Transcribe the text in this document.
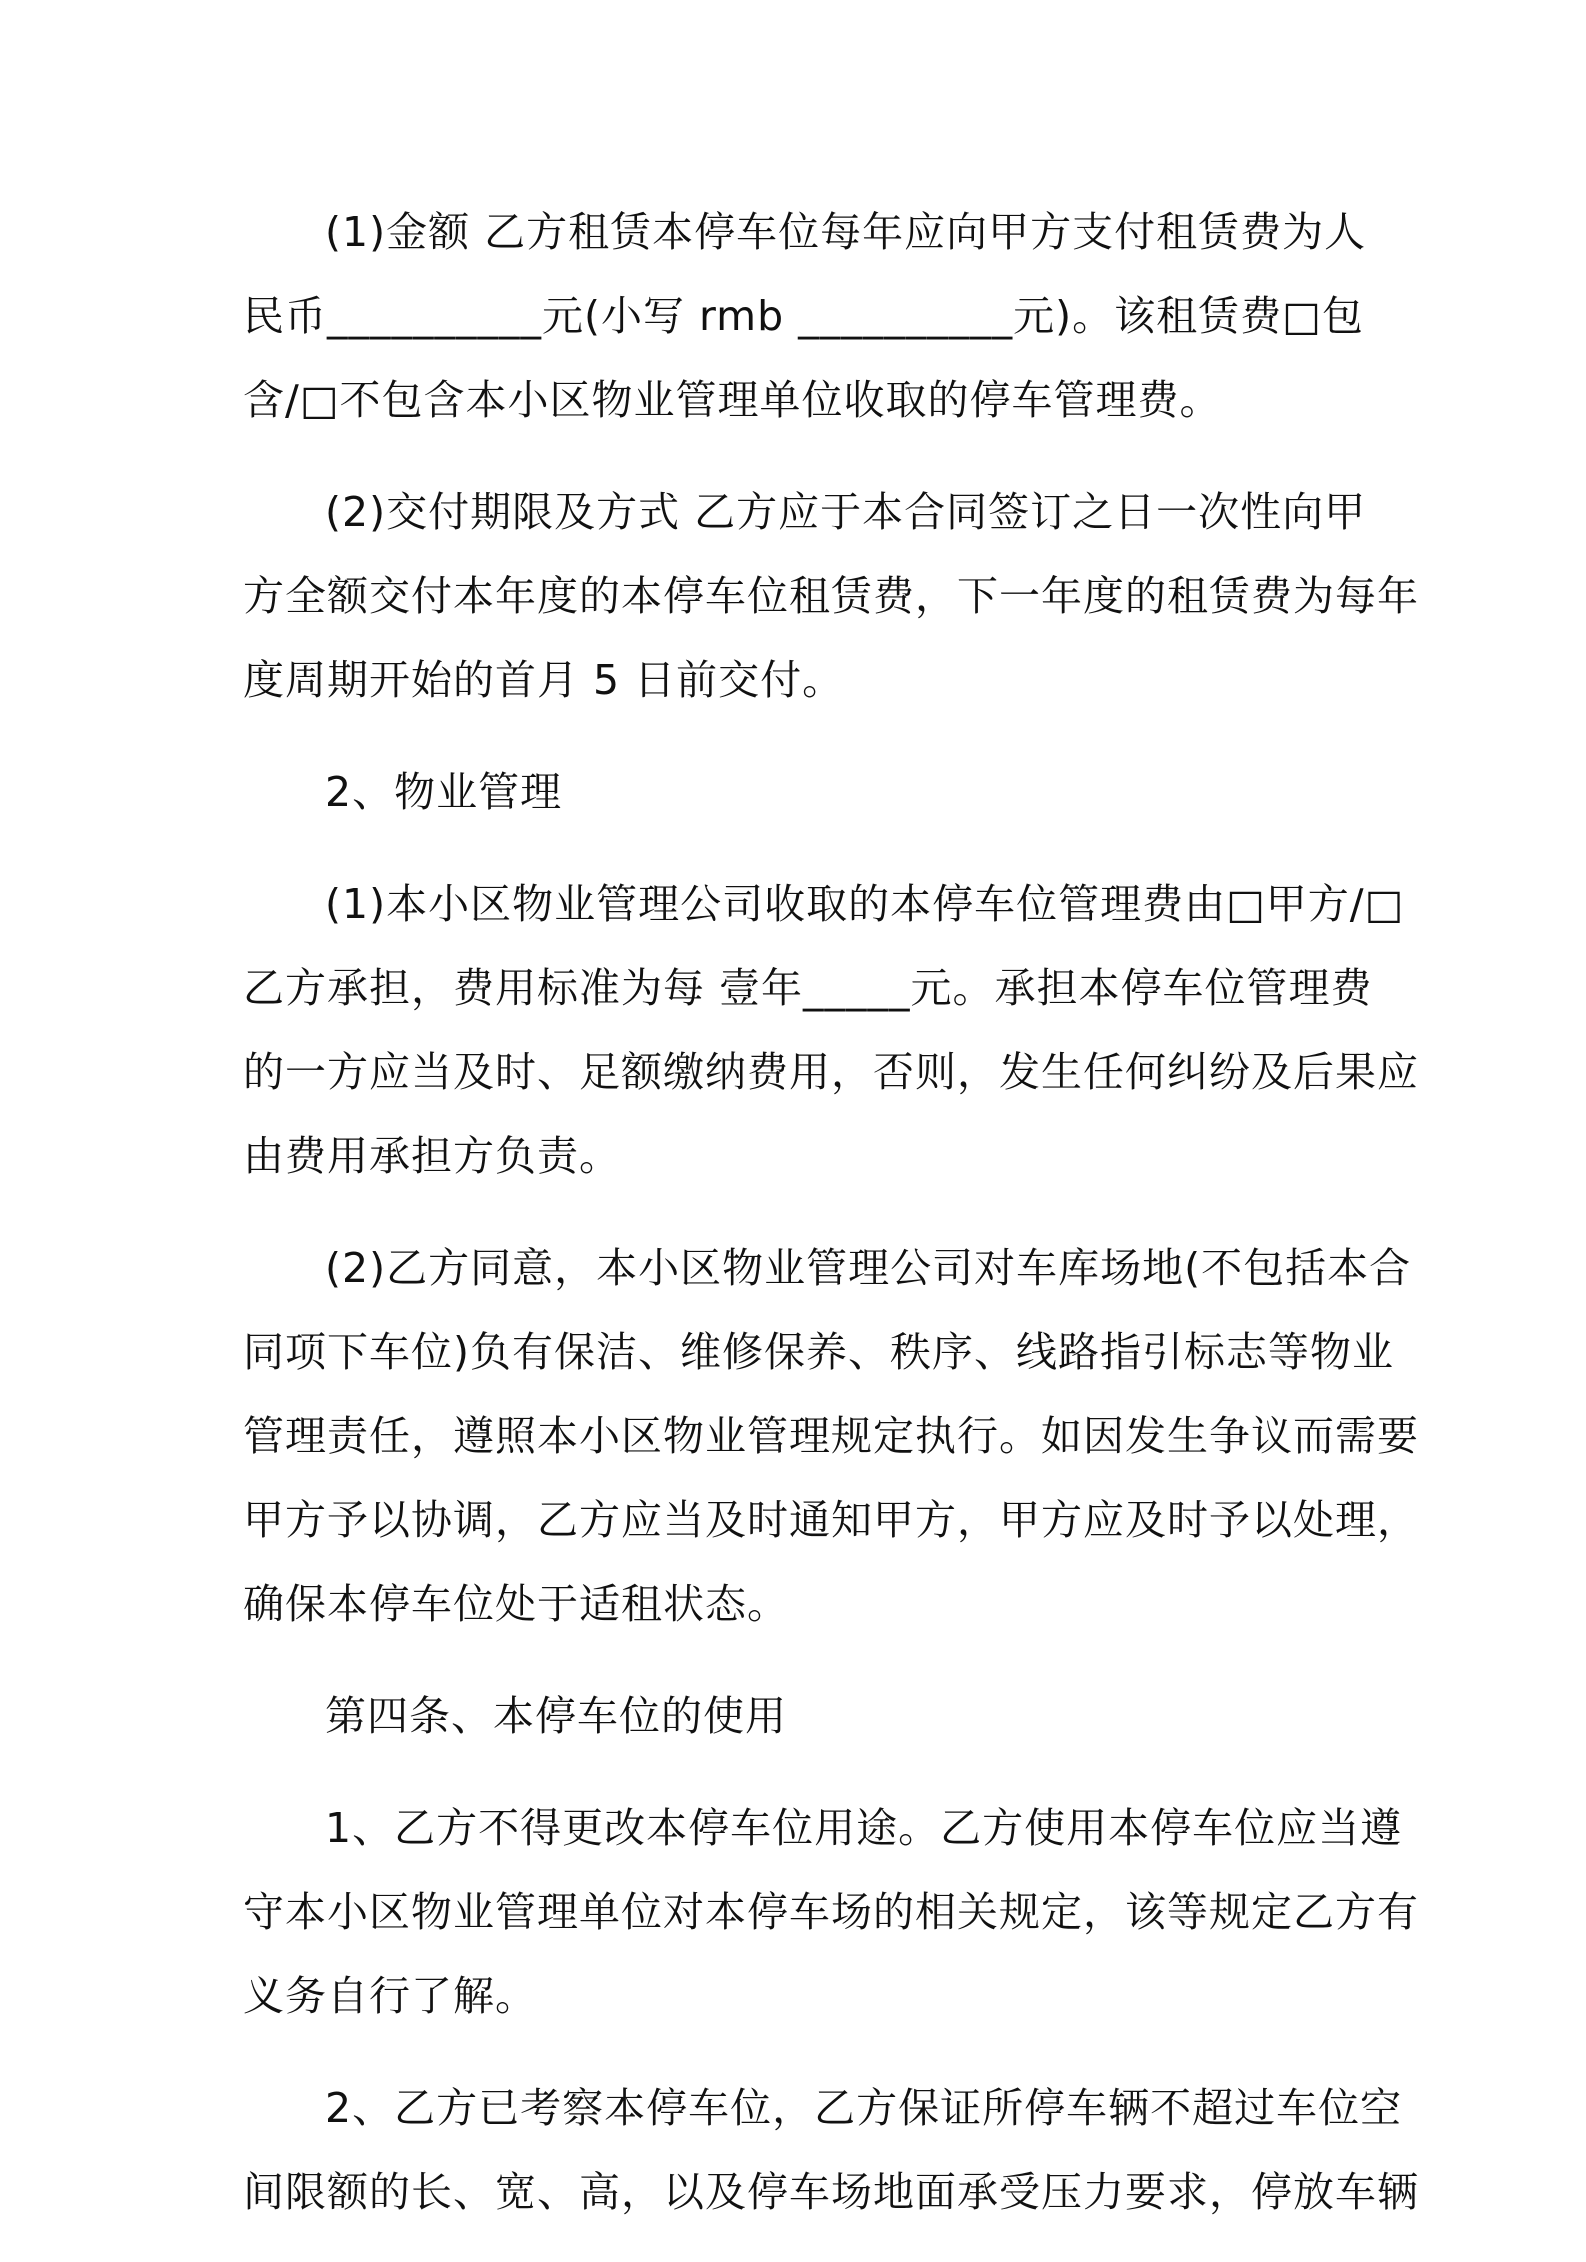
(1)金额 乙方租赁本停车位每年应向甲方支付租赁费为人
民币__________元(小写 rmb __________元)。该租赁费□包
含/□不包含本小区物业管理单位收取的停车管理费。
(2)交付期限及方式 乙方应于本合同签订之日一次性向甲
方全额交付本年度的本停车位租赁费，下一年度的租赁费为每年
度周期开始的首月 5 日前交付。
2、物业管理
(1)本小区物业管理公司收取的本停车位管理费由□甲方/□
乙方承担，费用标准为每 壹年_____元。承担本停车位管理费
的一方应当及时、足额缴纳费用，否则，发生任何纠纷及后果应
由费用承担方负责。
(2)乙方同意，本小区物业管理公司对车库场地(不包括本合
同项下车位)负有保洁、维修保养、秩序、线路指引标志等物业
管理责任，遵照本小区物业管理规定执行。如因发生争议而需要
甲方予以协调，乙方应当及时通知甲方，甲方应及时予以处理，
确保本停车位处于适租状态。
第四条、本停车位的使用
1、乙方不得更改本停车位用途。乙方使用本停车位应当遵
守本小区物业管理单位对本停车场的相关规定，该等规定乙方有
义务自行了解。
2、乙方已考察本停车位，乙方保证所停车辆不超过车位空
间限额的长、宽、高，以及停车场地面承受压力要求，停放车辆
